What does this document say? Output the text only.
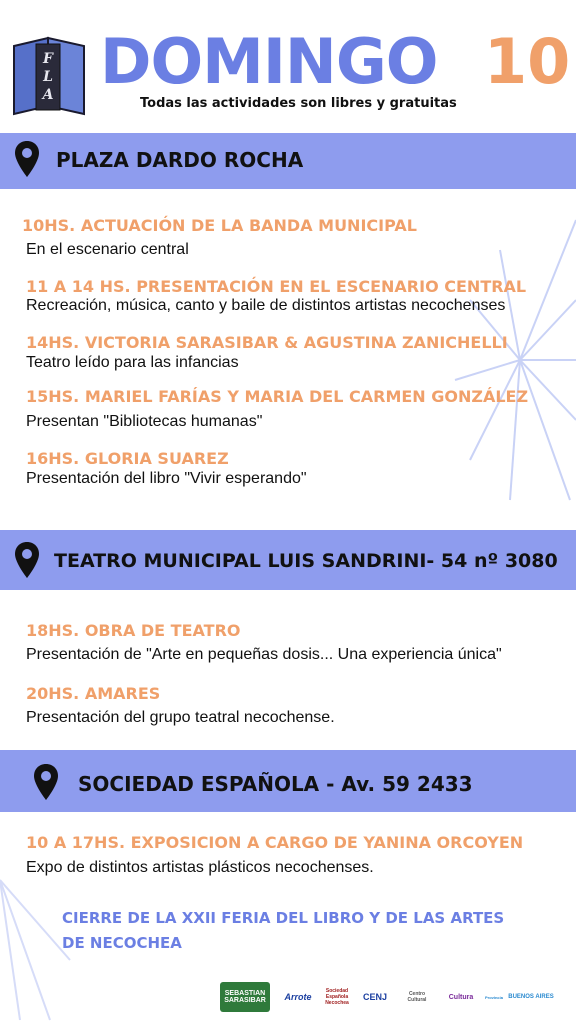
FLA DOMINGO 10
Todas las actividades son libres y gratuitas
PLAZA DARDO ROCHA
10HS. ACTUACIÓN DE LA BANDA MUNICIPAL
En el escenario central
11 A 14 HS. PRESENTACIÓN EN EL ESCENARIO CENTRAL
Recreación, música, canto y baile de distintos artistas necochenses
14HS. VICTORIA SARASIBAR & AGUSTINA ZANICHELLI
Teatro leído para las infancias
15HS. MARIEL FARÍAS Y MARIA DEL CARMEN GONZÁLEZ
Presentan "Bibliotecas humanas"
16HS. GLORIA SUAREZ
Presentación del libro "Vivir esperando"
TEATRO MUNICIPAL LUIS SANDRINI- 54 nº 3080
18HS. OBRA DE TEATRO
Presentación de "Arte en pequeñas dosis... Una experiencia única"
20HS. AMARES
Presentación del grupo teatral necochense.
SOCIEDAD ESPAÑOLA - Av. 59 2433
10 A 17HS. EXPOSICION A CARGO DE YANINA ORCOYEN
Expo de distintos artistas plásticos necochenses.
CIERRE DE LA XXII FERIA DEL LIBRO Y DE LAS ARTES
DE NECOCHEA
SEBASTIAN SARASIBAR	Arrote
Sociedad Española Necochea
CENJ	Centro Cultural	Cultura	Provincia BUENOS AIRES
